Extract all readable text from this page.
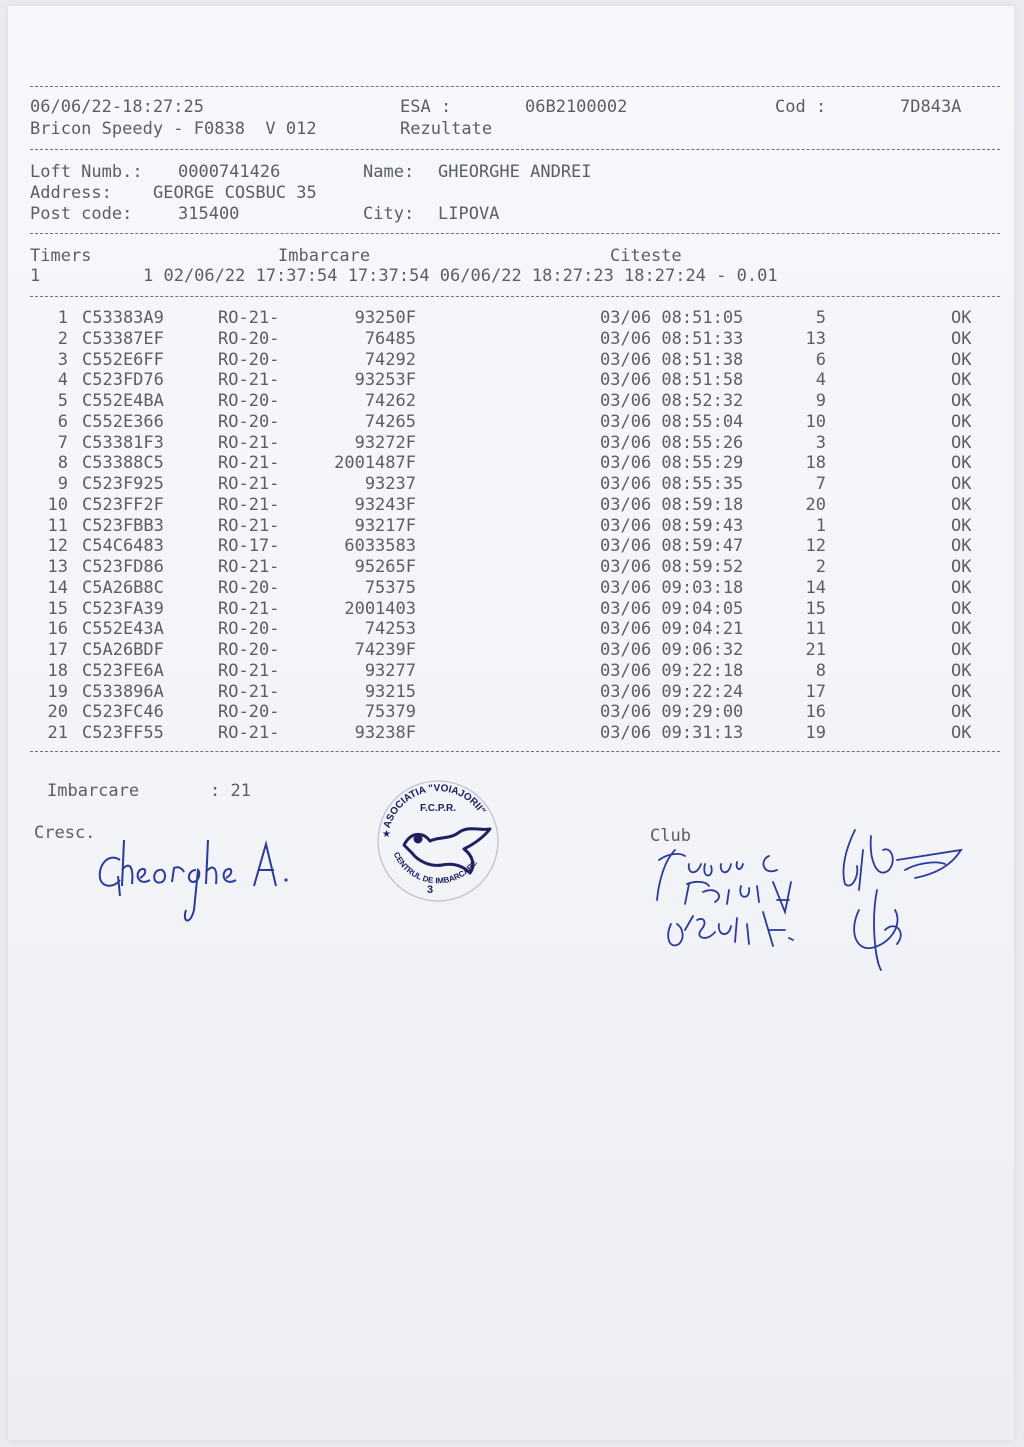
06/06/22-18:27:25	ESA :	06B2100002	Cod :	7D843A
Bricon Speedy - F0838  V 012	Rezultate
Loft Numb.: 0000741426	Name: GHEORGHE ANDREI
Address: GEORGE COSBUC 35
Post code:	315400	City: LIPOVA
Timers	Imbarcare	Citeste
1	1 02/06/22 17:37:54 17:37:54 06/06/22 18:27:23 18:27:24 - 0.01
1 C53383A9	RO-21-	93250F	03/06 08:51:05	5	OK
2 C53387EF	RO-20-	76485	03/06 08:51:33	13	OK
3 C552E6FF	RO-20-	74292	03/06 08:51:38	6	OK
4 C523FD76	RO-21-	93253F	03/06 08:51:58	4	OK
5 C552E4BA	RO-20-	74262	03/06 08:52:32	9	OK
6 C552E366	RO-20-	74265	03/06 08:55:04	10	OK
7 C53381F3	RO-21-	93272F	03/06 08:55:26	3	OK
8 C53388C5	RO-21-	2001487F	03/06 08:55:29	18	OK
9 C523F925	RO-21-	93237	03/06 08:55:35	7	OK
10 C523FF2F	RO-21-	93243F	03/06 08:59:18	20	OK
11 C523FBB3	RO-21-	93217F	03/06 08:59:43	1	OK
12 C54C6483	RO-17-	6033583	03/06 08:59:47	12	OK
13 C523FD86	RO-21-	95265F	03/06 08:59:52	2	OK
14 C5A26B8C	RO-20-	75375	03/06 09:03:18	14	OK
15 C523FA39	RO-21-	2001403	03/06 09:04:05	15	OK
16 C552E43A	RO-20-	74253	03/06 09:04:21	11	OK
17 C5A26BDF	RO-20-	74239F	03/06 09:06:32	21	OK
18 C523FE6A	RO-21-	93277	03/06 09:22:18	8	OK
19 C533896A	RO-21-	93215	03/06 09:22:24	17	OK
20 C523FC46	RO-20-	75379	03/06 09:29:00	16	OK
21 C523FF55	RO-21-	93238F	03/06 09:31:13	19	OK
Imbarcare	: 21
Cresc.	Club
ASOCIATIA "VOIAJORII"
F.C.P.R.
CENTRUL DE IMBARCARE
3
★
